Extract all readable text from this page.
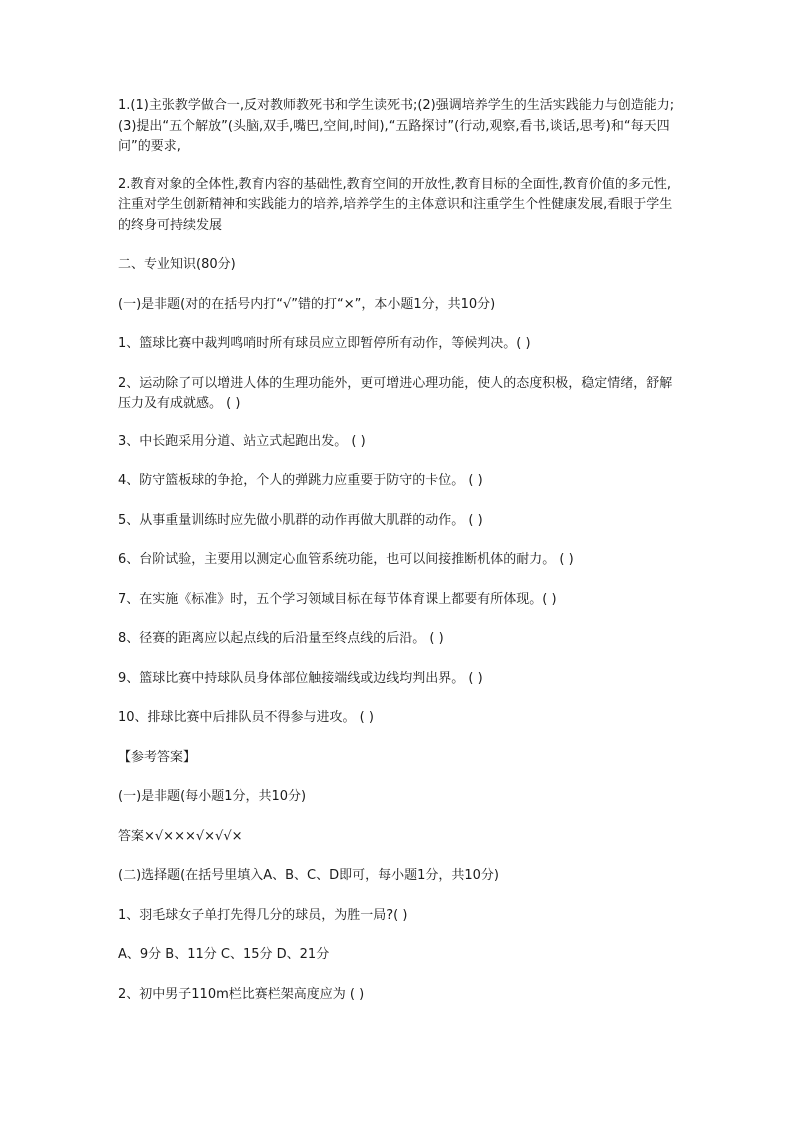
1.(1)主张教学做合一,反对教师教死书和学生读死书;(2)强调培养学生的生活实践能力与创造能力;(3)提出“五个解放”(头脑,双手,嘴巴,空间,时间),“五路探讨”(行动,观察,看书,谈话,思考)和“每天四问”的要求,

2.教育对象的全体性,教育内容的基础性,教育空间的开放性,教育目标的全面性,教育价值的多元性,注重对学生创新精神和实践能力的培养,培养学生的主体意识和注重学生个性健康发展,看眼于学生的终身可持续发展

二、专业知识(80分)

(一)是非题(对的在括号内打“√”错的打“×”，本小题1分，共10分)

1、篮球比赛中裁判鸣哨时所有球员应立即暂停所有动作，等候判决。( )

2、运动除了可以增进人体的生理功能外，更可增进心理功能，使人的态度积极，稳定情绪，舒解压力及有成就感。 ( )

3、中长跑采用分道、站立式起跑出发。 ( )

4、防守篮板球的争抢，个人的弹跳力应重要于防守的卡位。 ( )

5、从事重量训练时应先做小肌群的动作再做大肌群的动作。 ( )

6、台阶试验，主要用以测定心血管系统功能，也可以间接推断机体的耐力。 ( )

7、在实施《标准》时，五个学习领域目标在每节体育课上都要有所体现。( )

8、径赛的距离应以起点线的后沿量至终点线的后沿。 ( )

9、篮球比赛中持球队员身体部位触接端线或边线均判出界。 ( )

10、排球比赛中后排队员不得参与进攻。 ( )

【参考答案】

(一)是非题(每小题1分，共10分)

答案×√×××√×√√×

(二)选择题(在括号里填入A、B、C、D即可，每小题1分，共10分)

1、羽毛球女子单打先得几分的球员，为胜一局?( )

A、9分 B、11分 C、15分 D、21分

2、初中男子110m栏比赛栏架高度应为 ( )
